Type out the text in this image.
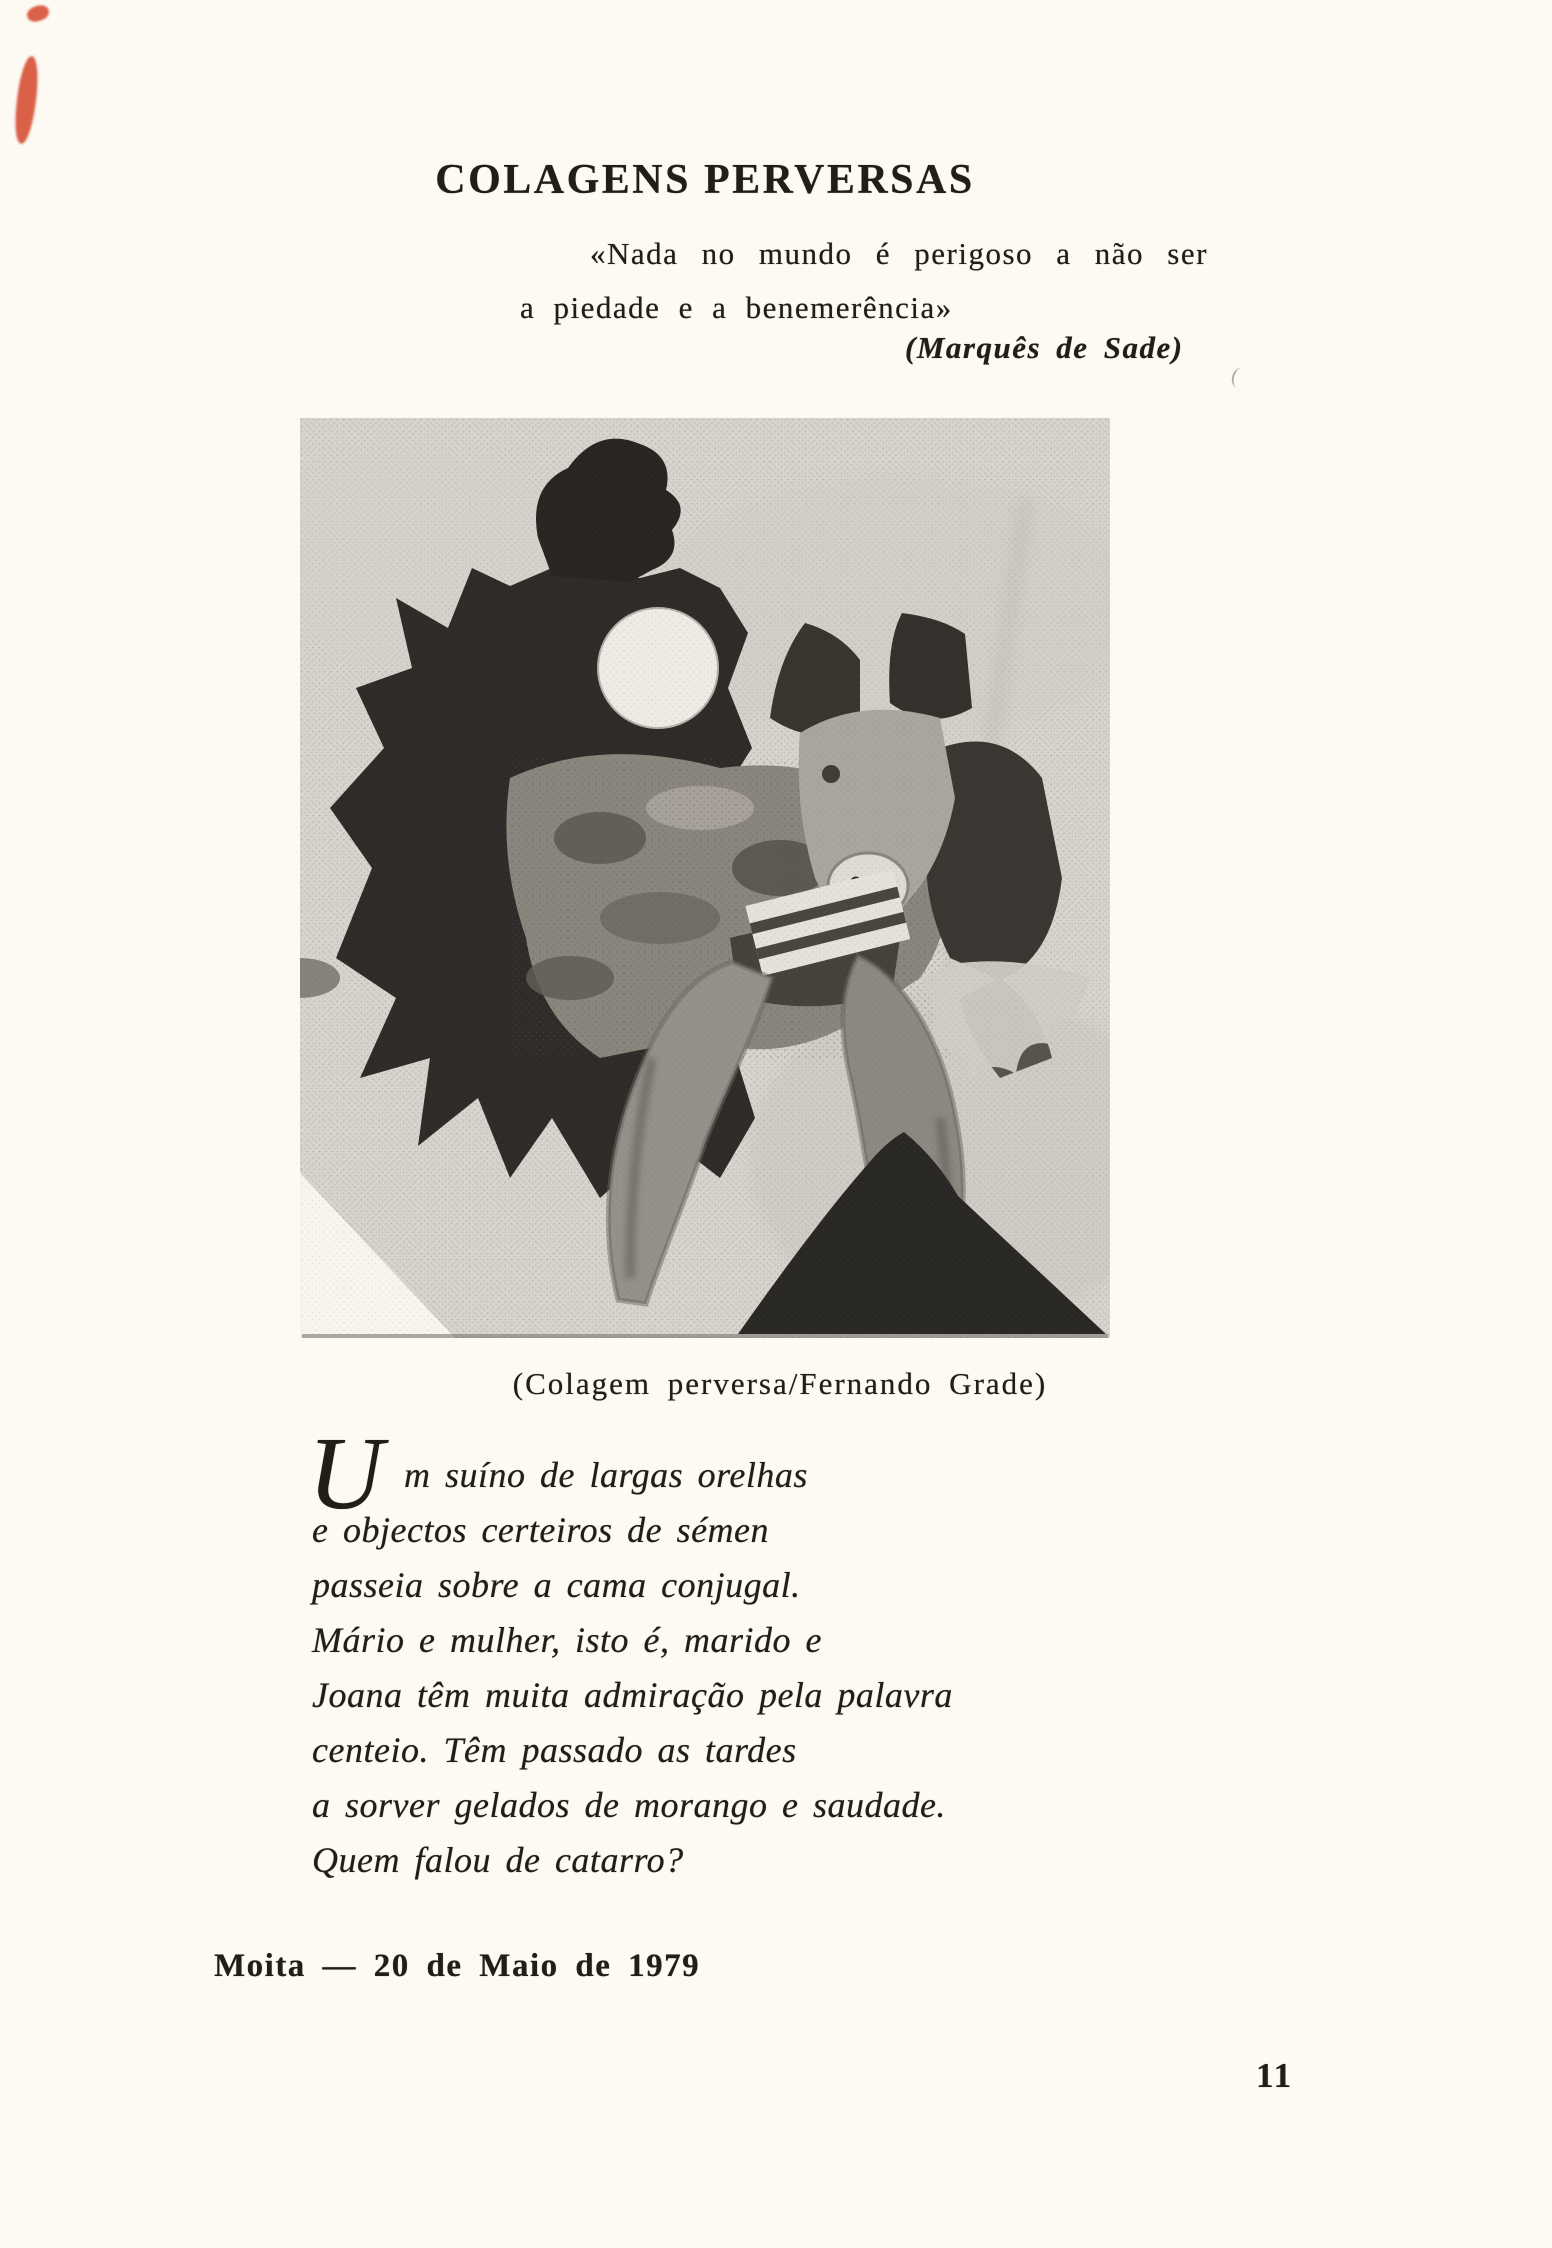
COLAGENS PERVERSAS
«Nada no mundo é perigoso a não ser
a piedade e a benemerência»
(Marquês de Sade)
(Colagem perversa/Fernando Grade)
U m suíno de largas orelhas
e objectos certeiros de sémen
passeia sobre a cama conjugal.
Mário e mulher, isto é, marido e
Joana têm muita admiração pela palavra
centeio. Têm passado as tardes
a sorver gelados de morango e saudade.
Quem falou de catarro?
Moita — 20 de Maio de 1979
11
